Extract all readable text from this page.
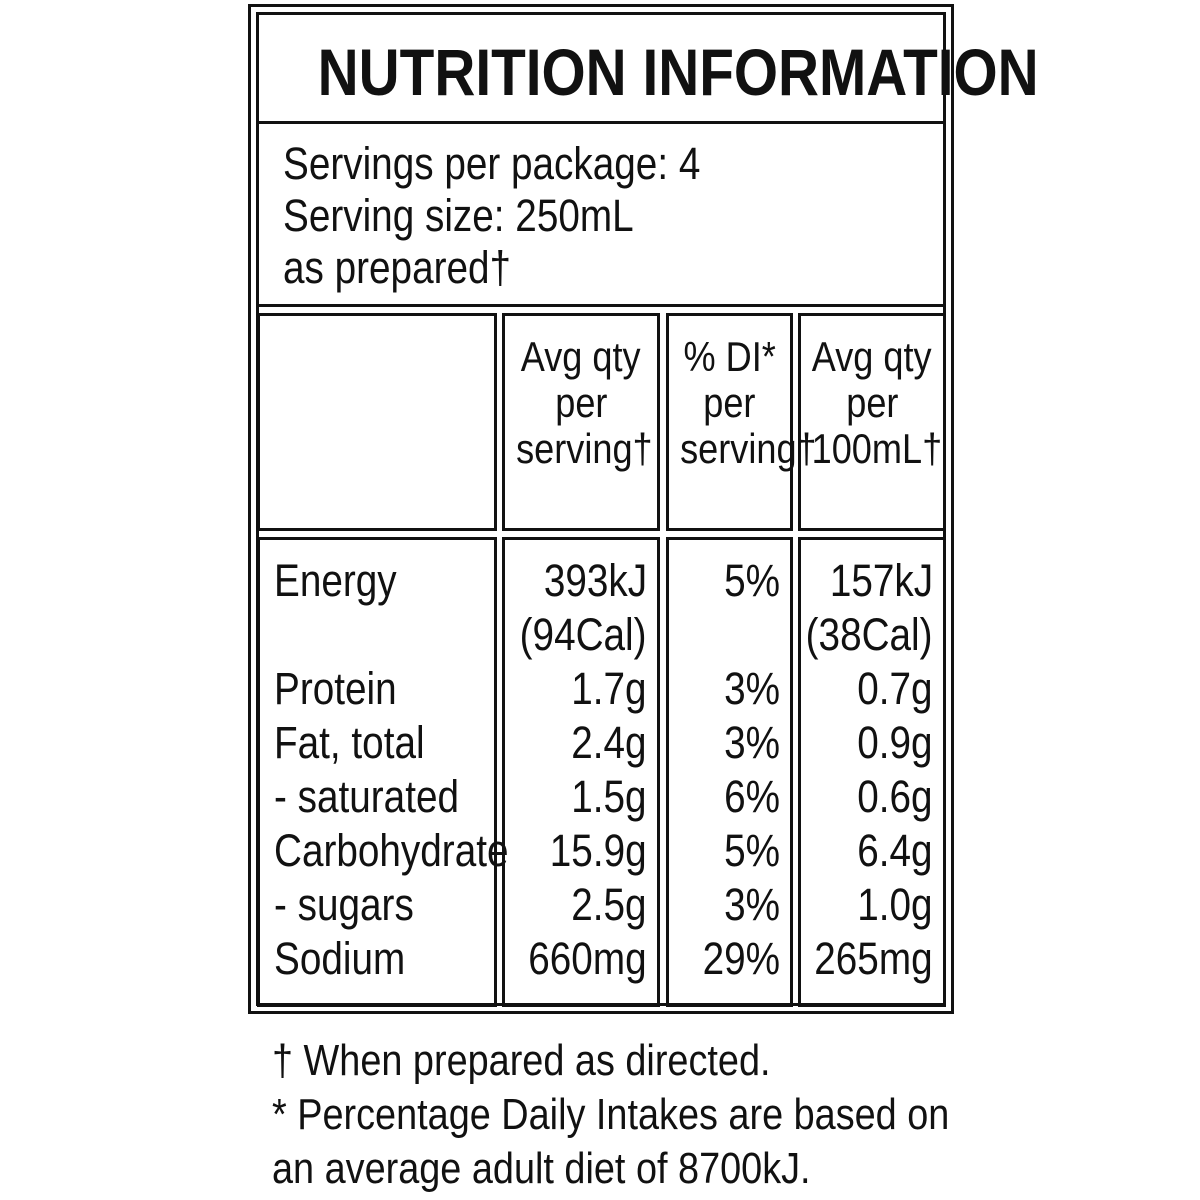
NUTRITION INFORMATION
Servings per package: 4
Serving size: 250mL
as prepared†
Avg qty
per
serving†
% DI*
per
serving†
Avg qty
per
100mL†
Energy
Protein
Fat, total
- saturated
Carbohydrate
- sugars
Sodium
393kJ
(94Cal)
1.7g
2.4g
1.5g
15.9g
2.5g
660mg
5%
3%
3%
6%
5%
3%
29%
157kJ
(38Cal)
0.7g
0.9g
0.6g
6.4g
1.0g
265mg
† When prepared as directed.
* Percentage Daily Intakes are based on
an average adult diet of 8700kJ.
